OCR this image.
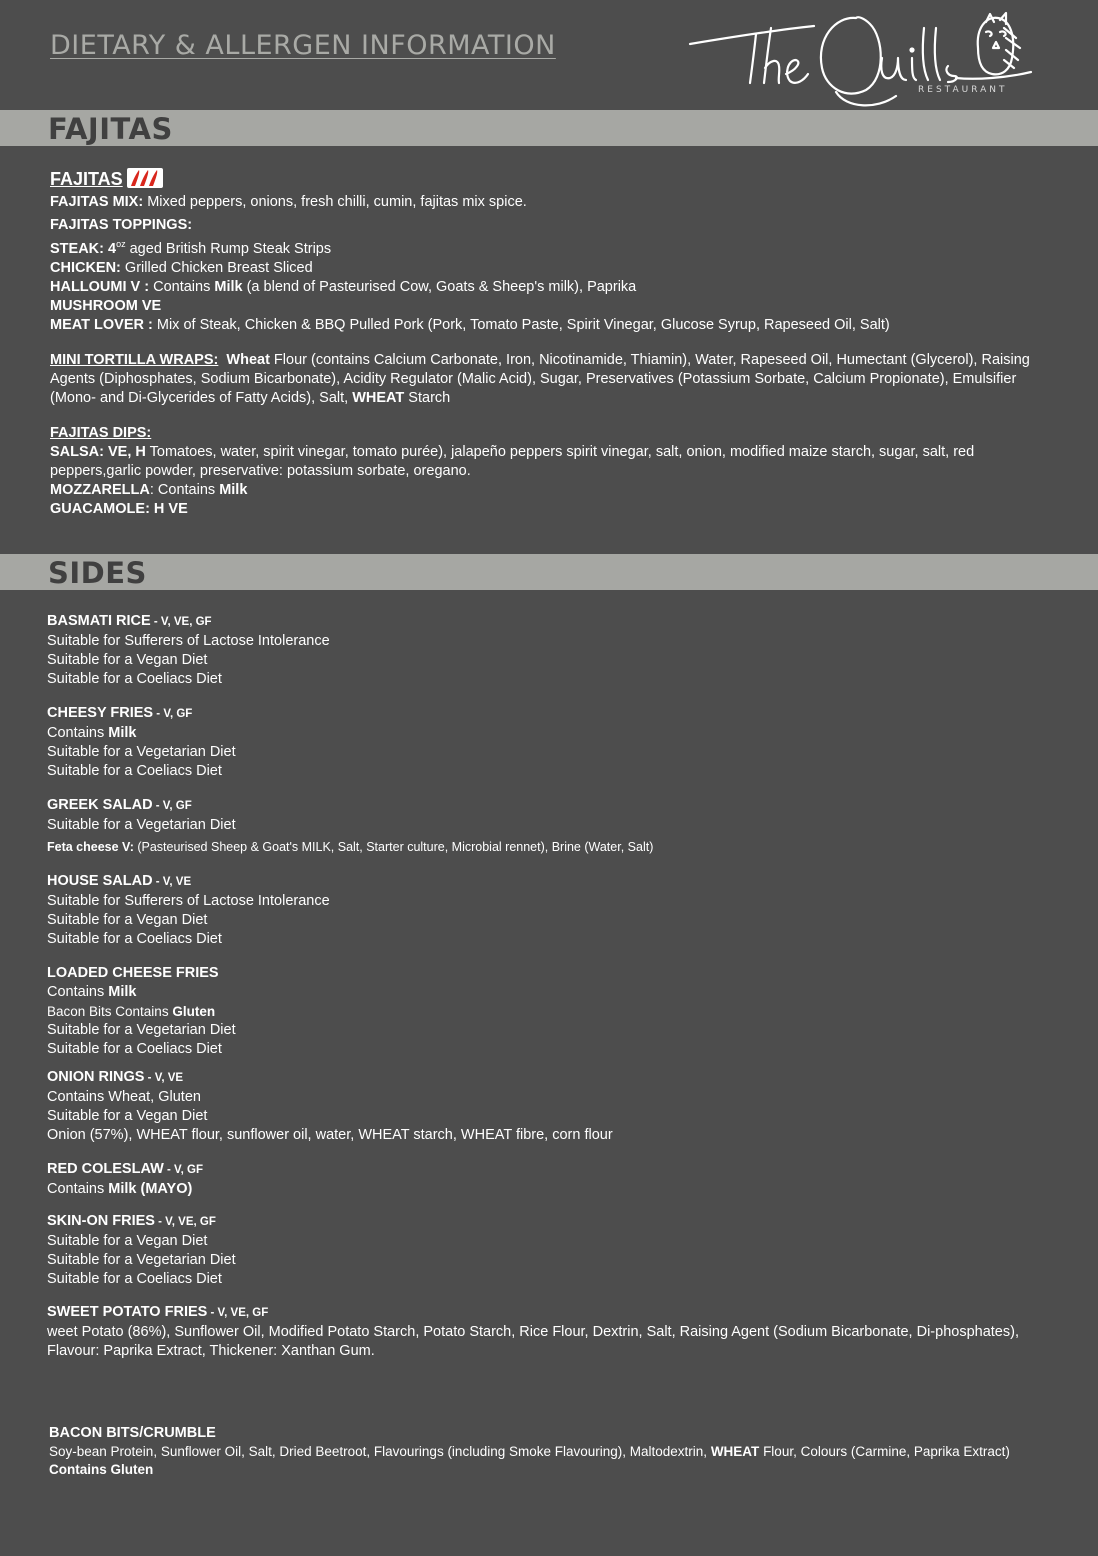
DIETARY & ALLERGEN INFORMATION
RESTAURANT
FAJITAS

FAJITAS

FAJITAS MIX: Mixed peppers, onions, fresh chilli, cumin, fajitas mix spice.

FAJITAS TOPPINGS:

STEAK: $4^{oz}$ aged British Rump Steak Strips

CHICKEN: Grilled Chicken Breast Sliced

HALLOUMI V : Contains Milk (a blend of Pasteurised Cow, Goats & Sheep's milk), Paprika

MUSHROOM VE

MEAT LOVER : Mix of Steak, Chicken & BBQ Pulled Pork (Pork, Tomato Paste, Spirit Vinegar, Glucose Syrup, Rapeseed Oil, Salt)

MINI TORTILLA WRAPS: Wheat Flour (contains Calcium Carbonate, Iron, Nicotinamide, Thiamin), Water, Rapeseed Oil, Humectant (Glycerol), Raising Agents (Diphosphates, Sodium Bicarbonate), Acidity Regulator (Malic Acid), Sugar, Preservatives (Potassium Sorbate, Calcium Propionate), Emulsifier (Mono- and Di-Glycerides of Fatty Acids), Salt, WHEAT Starch

FAJITAS DIPS:

SALSA: VE, H Tomatoes, water, spirit vinegar, tomato purée), jalapeño peppers spirit vinegar, salt, onion, modified maize starch, sugar, salt, red peppers,garlic powder, preservative: potassium sorbate, oregano.

MOZZARELLA: Contains Milk

GUACAMOLE: H VE

SIDES

BASMATI RICE - V, VE, GF

Suitable for Sufferers of Lactose Intolerance

Suitable for a Vegan Diet

Suitable for a Coeliacs Diet

CHEESY FRIES - V, GF

Contains Milk

Suitable for a Vegetarian Diet

Suitable for a Coeliacs Diet

GREEK SALAD - V, GF

Suitable for a Vegetarian Diet

Feta cheese V: (Pasteurised Sheep & Goat's MILK, Salt, Starter culture, Microbial rennet), Brine (Water, Salt)

HOUSE SALAD - V, VE

Suitable for Sufferers of Lactose Intolerance

Suitable for a Vegan Diet

Suitable for a Coeliacs Diet

LOADED CHEESE FRIES

Contains Milk

Bacon Bits Contains Gluten

Suitable for a Vegetarian Diet

Suitable for a Coeliacs Diet

ONION RINGS - V, VE

Contains Wheat, Gluten

Suitable for a Vegan Diet

Onion (57%), WHEAT flour, sunflower oil, water, WHEAT starch, WHEAT fibre, corn flour

RED COLESLAW - V, GF

Contains Milk (MAYO)

SKIN-ON FRIES - V, VE, GF

Suitable for a Vegan Diet

Suitable for a Vegetarian Diet

Suitable for a Coeliacs Diet

SWEET POTATO FRIES - V, VE, GF

weet Potato (86%), Sunflower Oil, Modified Potato Starch, Potato Starch, Rice Flour, Dextrin, Salt, Raising Agent (Sodium Bicarbonate, Di-phosphates), Flavour: Paprika Extract, Thickener: Xanthan Gum.

BACON BITS/CRUMBLE

Soy-bean Protein, Sunflower Oil, Salt, Dried Beetroot, Flavourings (including Smoke Flavouring), Maltodextrin, WHEAT Flour, Colours (Carmine, Paprika Extract)

Contains Gluten
